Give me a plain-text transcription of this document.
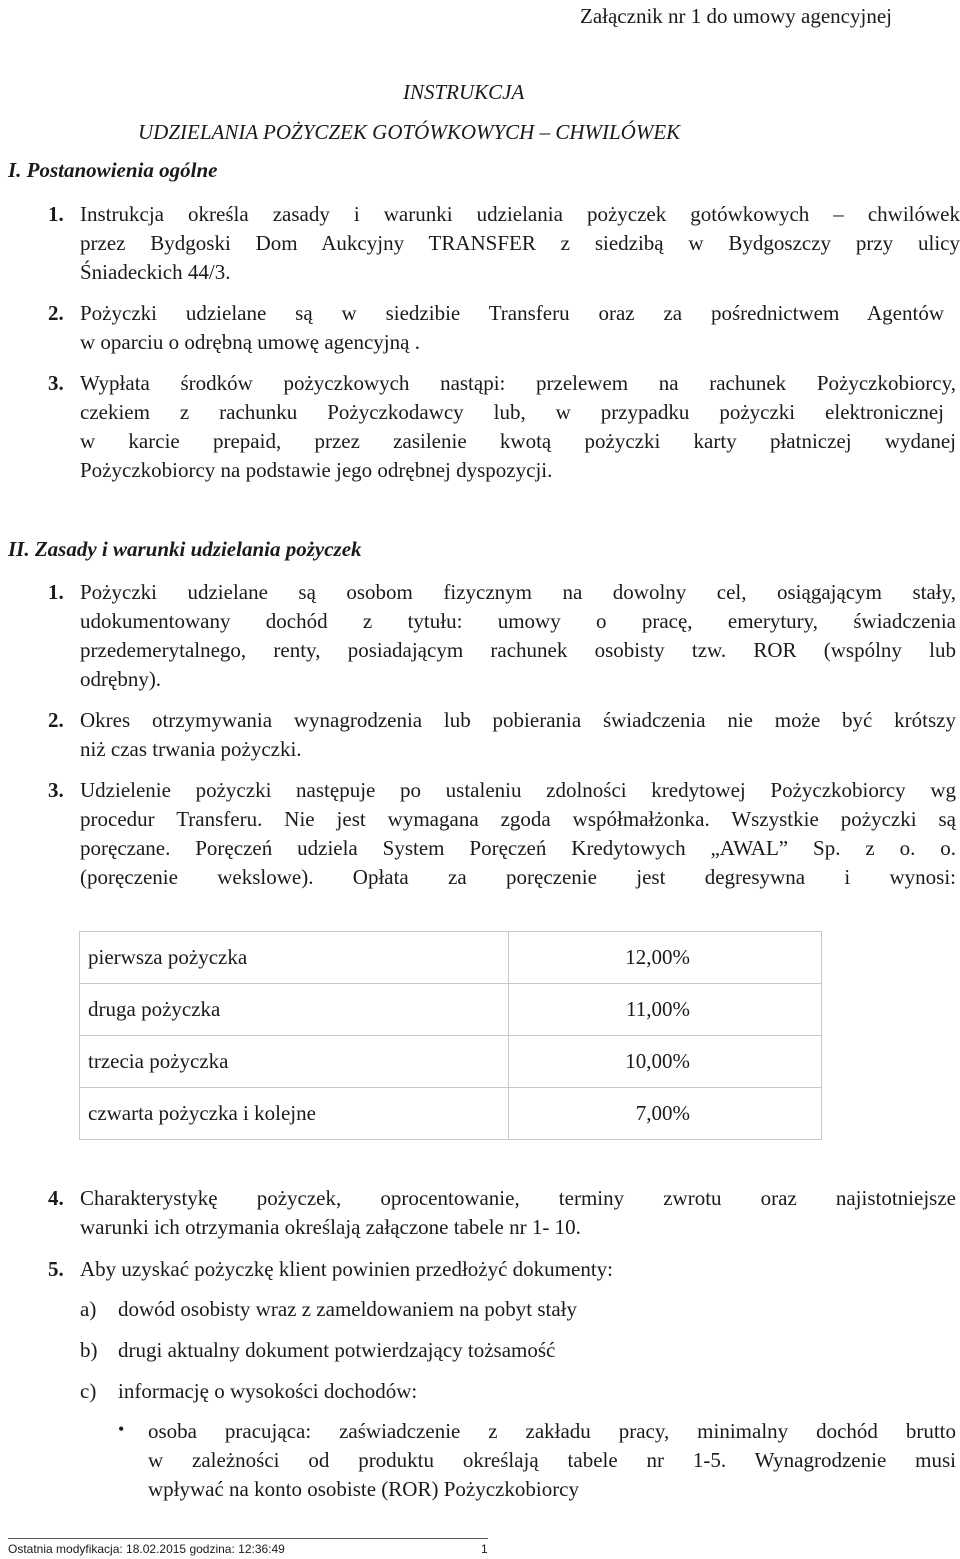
Załącznik nr 1 do umowy agencyjnej
INSTRUKCJA
UDZIELANIA POŻYCZEK GOTÓWKOWYCH – CHWILÓWEK
I. Postanowienia ogólne
1. Instrukcja określa zasady i warunki udzielania pożyczek gotówkowych – chwilówek
przez Bydgoski Dom Aukcyjny TRANSFER z siedzibą w Bydgoszczy przy ulicy
Śniadeckich 44/3.
2. Pożyczki udzielane są w siedzibie Transferu oraz za pośrednictwem Agentów
w oparciu o odrębną umowę agencyjną .
3. Wypłata środków pożyczkowych nastąpi: przelewem na rachunek Pożyczkobiorcy,
czekiem z rachunku Pożyczkodawcy lub, w przypadku pożyczki elektronicznej
w karcie prepaid, przez zasilenie kwotą pożyczki karty płatniczej wydanej
Pożyczkobiorcy na podstawie jego odrębnej dyspozycji.
II. Zasady i warunki udzielania pożyczek
1. Pożyczki udzielane są osobom fizycznym na dowolny cel, osiągającym stały,
udokumentowany dochód z tytułu: umowy o pracę, emerytury, świadczenia
przedemerytalnego, renty, posiadającym rachunek osobisty tzw. ROR (wspólny lub
odrębny).
2. Okres otrzymywania wynagrodzenia lub pobierania świadczenia nie może być krótszy
niż czas trwania pożyczki.
3. Udzielenie pożyczki następuje po ustaleniu zdolności kredytowej Pożyczkobiorcy wg
procedur Transferu. Nie jest wymagana zgoda współmałżonka. Wszystkie pożyczki są
poręczane. Poręczeń udziela System Poręczeń Kredytowych „AWAL” Sp. z o. o.
(poręczenie wekslowe). Opłata za poręczenie jest degresywna i wynosi:
pierwsza pożyczka	12,00%
druga pożyczka	11,00%
trzecia pożyczka	10,00%
czwarta pożyczka i kolejne	7,00%
4. Charakterystykę pożyczek, oprocentowanie, terminy zwrotu oraz najistotniejsze
warunki ich otrzymania określają załączone tabele nr 1- 10.
5. Aby uzyskać pożyczkę klient powinien przedłożyć dokumenty:
a) dowód osobisty wraz z zameldowaniem na pobyt stały
b) drugi aktualny dokument potwierdzający tożsamość
c) informację o wysokości dochodów:
• osoba pracująca: zaświadczenie z zakładu pracy, minimalny dochód brutto
w zależności od produktu określają tabele nr 1-5. Wynagrodzenie musi
wpływać na konto osobiste (ROR) Pożyczkobiorcy
Ostatnia modyfikacja: 18.02.2015 godzina: 12:36:49	1
